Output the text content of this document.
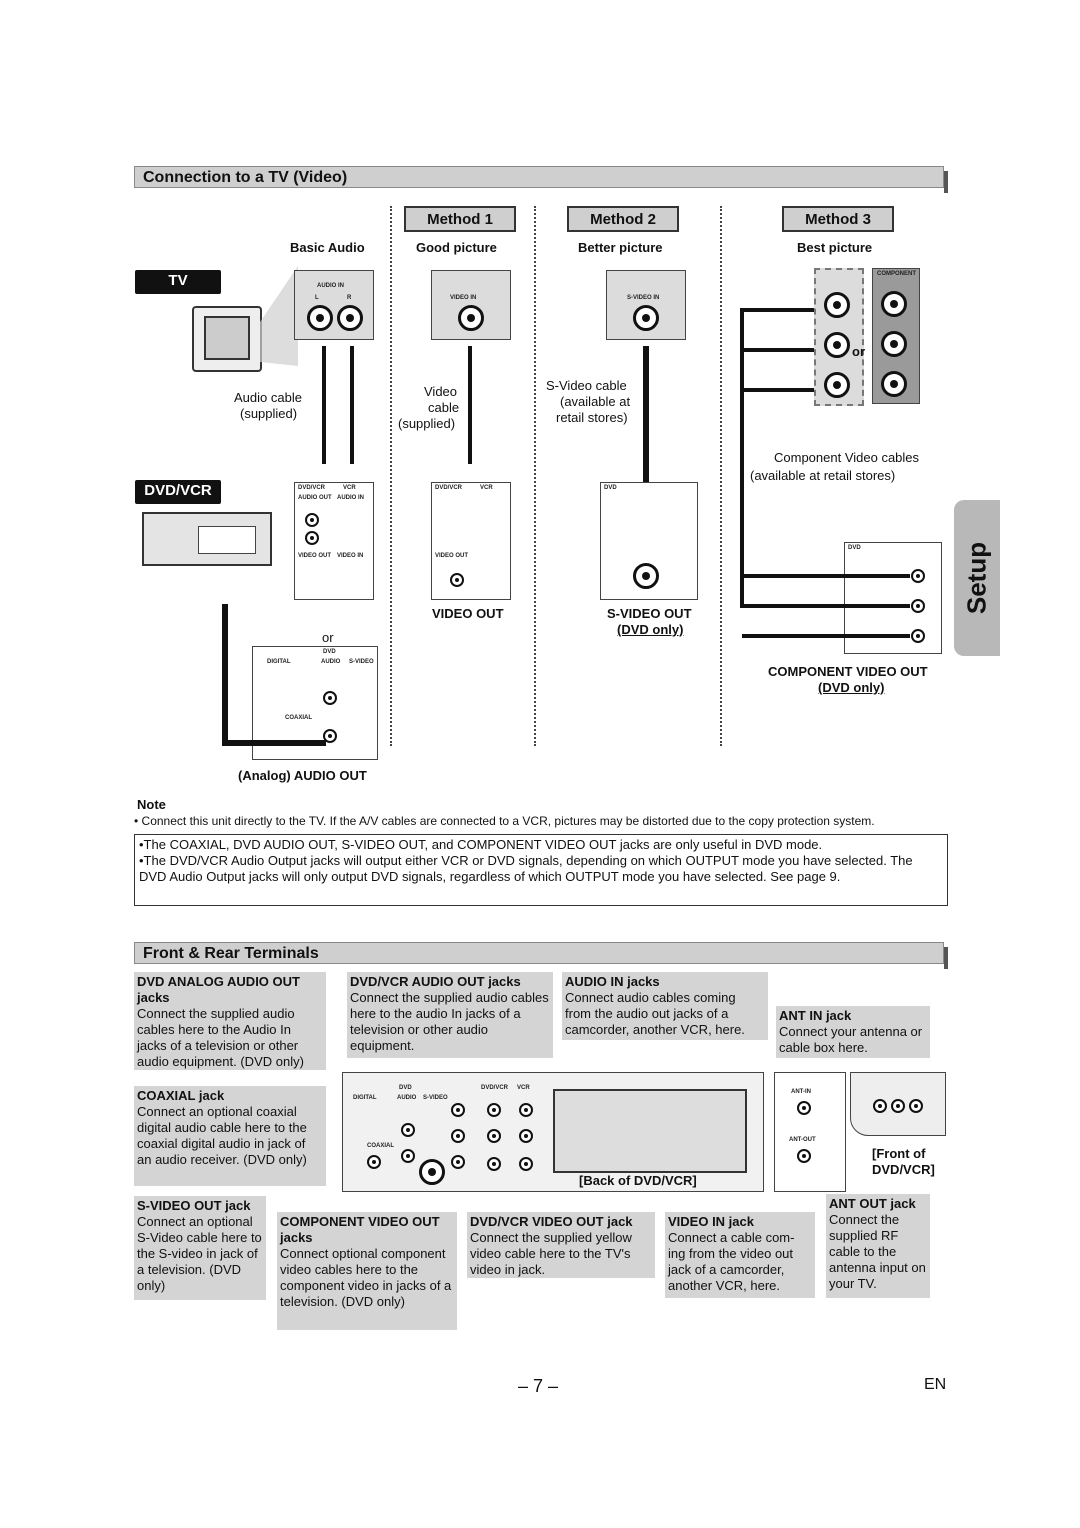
Connection to a TV (Video)
Method 1	Method 2	Method 3
Basic Audio	Good picture	Better picture	Best picture
TV	AUDIO IN
L	R
Audio cable
(supplied)
DVD/VCR	DVD/VCR	VCR
AUDIO OUT AUDIO IN
VIDEO OUT VIDEO IN
or
DVD
DIGITAL	AUDIO S-VIDEO
COAXIAL
(Analog) AUDIO OUT
VIDEO IN
Video
cable
(supplied)
DVD/VCR	VCR
VIDEO OUT
VIDEO OUT
S-VIDEO IN
S-Video cable
(available at
retail stores)
DVD
S-VIDEO OUT
(DVD only)
or
COMPONENT
Component Video cables
(available at retail stores)
DVD
COMPONENT VIDEO OUT
(DVD only)
Setup
Note
• Connect this unit directly to the TV. If the A/V cables are connected to a VCR, pictures may be distorted due to the copy protection system.
•The COAXIAL, DVD AUDIO OUT, S-VIDEO OUT, and COMPONENT VIDEO OUT jacks are only useful in DVD mode.
•The DVD/VCR Audio Output jacks will output either VCR or DVD signals, depending on which OUTPUT mode you have selected. The DVD Audio Output jacks will only output DVD signals, regardless of which OUTPUT mode you have selected. See page 9.
Front & Rear Terminals
DVD ANALOG AUDIO OUT jacks
Connect the supplied audio cables here to the Audio In jacks of a television or other audio equipment. (DVD only)
DVD/VCR AUDIO OUT jacks
Connect the supplied audio cables here to the audio In jacks of a television or other audio equipment.
AUDIO IN jacks
Connect audio cables coming from the audio out jacks of a camcorder, another VCR, here.
ANT IN jack
Connect your antenna or cable box here.
COAXIAL jack
Connect an optional coaxial digital audio cable here to the coaxial digital audio in jack of an audio receiver. (DVD only)
S-VIDEO OUT jack
Connect an optional S-Video cable here to the S-video in jack of a television. (DVD only)
COMPONENT VIDEO OUT jacks
Connect optional component video cables here to the component video in jacks of a television. (DVD only)
DVD/VCR VIDEO OUT jack
Connect the supplied yellow video cable here to the TV's video in jack.
VIDEO IN jack
Connect a cable com- ing from the video out jack of a camcorder, another VCR, here.
ANT OUT jack
Connect the supplied RF cable to the antenna input on your TV.
DVD
DIGITAL	AUDIO S-VIDEO
COAXIAL
DVD/VCR VCR
[Back of DVD/VCR]
ANT-IN
ANT-OUT
[Front of
DVD/VCR]
– 7 –	EN
